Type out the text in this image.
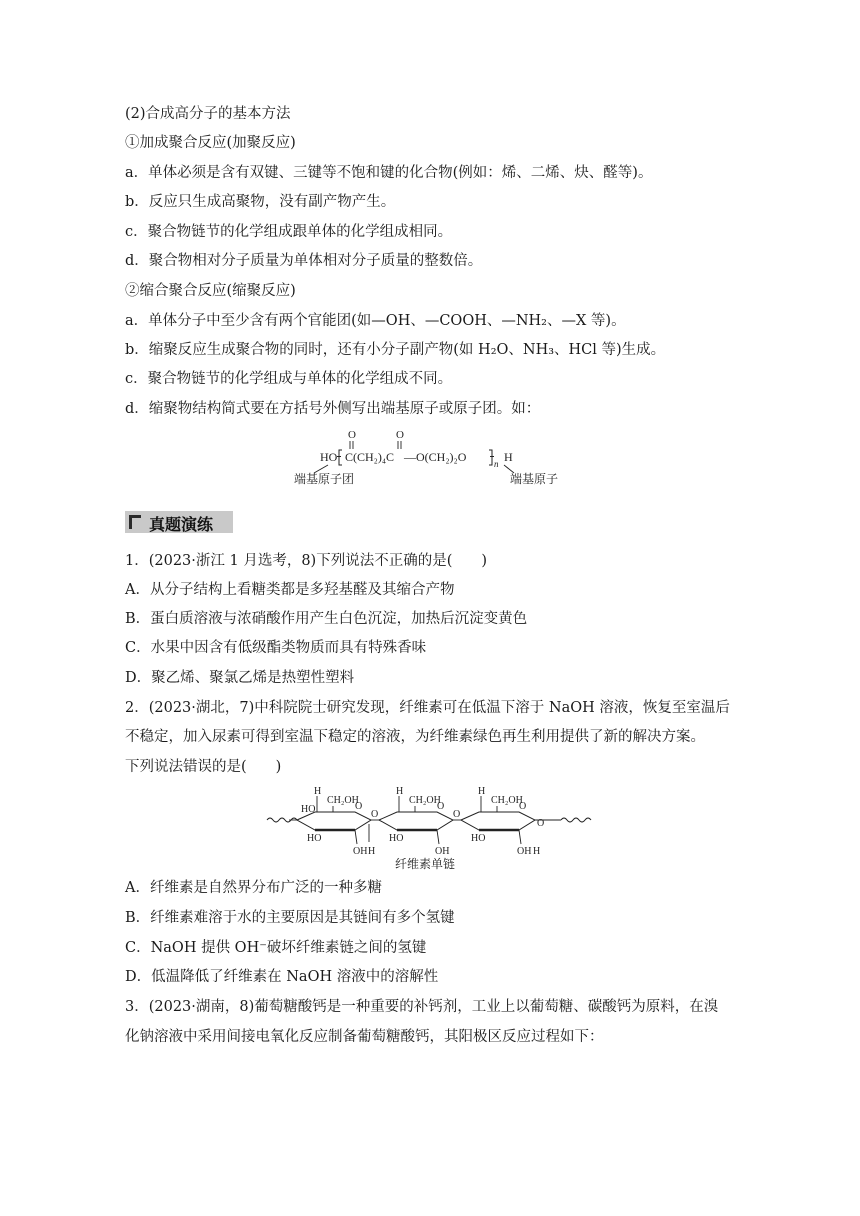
(2)合成高分子的基本方法
①加成聚合反应(加聚反应)
a．单体必须是含有双键、三键等不饱和键的化合物(例如：烯、二烯、炔、醛等)。
b．反应只生成高聚物，没有副产物产生。
c．聚合物链节的化学组成跟单体的化学组成相同。
d．聚合物相对分子质量为单体相对分子质量的整数倍。
②缩合聚合反应(缩聚反应)
a．单体分子中至少含有两个官能团(如—OH、—COOH、—NH₂、—X 等)。
b．缩聚反应生成聚合物的同时，还有小分子副产物(如 H₂O、NH₃、HCl 等)生成。
c．聚合物链节的化学组成与单体的化学组成不同。
d．缩聚物结构简式要在方括号外侧写出端基原子或原子团。如：
HO
O	O
C(CH₂)₄C —O(CH₂)₂O	n H
端基原子团	端基原子
真题演练
1．(2023·浙江 1 月选考，8)下列说法不正确的是(　　)
A．从分子结构上看糖类都是多羟基醛及其缩合产物
B．蛋白质溶液与浓硝酸作用产生白色沉淀，加热后沉淀变黄色
C．水果中因含有低级酯类物质而具有特殊香味
D．聚乙烯、聚氯乙烯是热塑性塑料
2．(2023·湖北，7)中科院院士研究发现，纤维素可在低温下溶于 NaOH 溶液，恢复至室温后
不稳定，加入尿素可得到室温下稳定的溶液，为纤维素绿色再生利用提供了新的解决方案。
下列说法错误的是(　　)
H
CH₂OH
O
HO
HO
OH
O
H
H
CH₂OH
O
HO
OH
O
H
CH₂OH
O
HO
OH
O
H
纤维素单链
A．纤维素是自然界分布广泛的一种多糖
B．纤维素难溶于水的主要原因是其链间有多个氢键
C．NaOH 提供 OH⁻破坏纤维素链之间的氢键
D．低温降低了纤维素在 NaOH 溶液中的溶解性
3．(2023·湖南，8)葡萄糖酸钙是一种重要的补钙剂，工业上以葡萄糖、碳酸钙为原料，在溴
化钠溶液中采用间接电氧化反应制备葡萄糖酸钙，其阳极区反应过程如下：
